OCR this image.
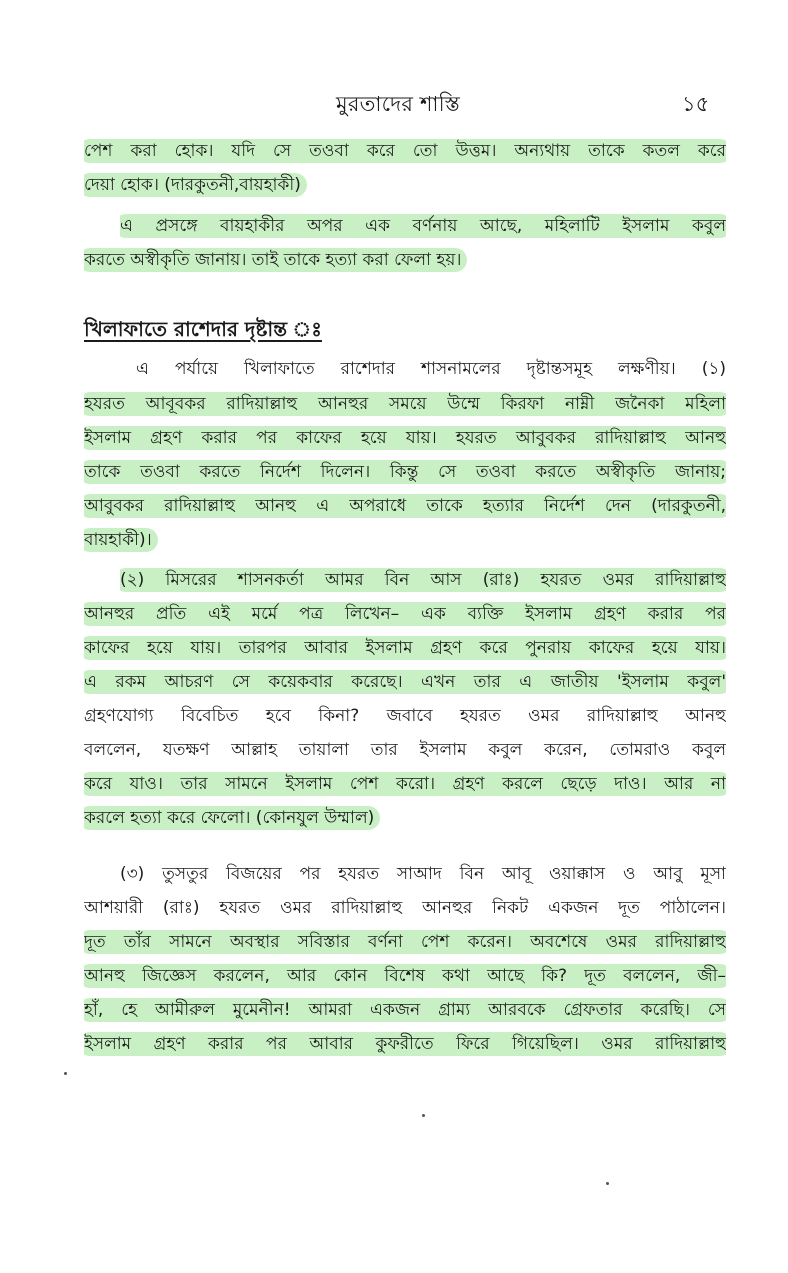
মুরতাদের শাস্তি	১৫
পেশ করা হোক। যদি সে তওবা করে তো উত্তম। অন্যথায় তাকে কতল করে
দেয়া হোক। (দারকুতনী,বায়হাকী)
এ প্রসঙ্গে বায়হাকীর অপর এক বর্ণনায় আছে, মহিলাটি ইসলাম কবুল
করতে অস্বীকৃতি জানায়। তাই তাকে হত্যা করা ফেলা হয়।
খিলাফাতে রাশেদার দৃষ্টান্ত ঃ
এ পর্যায়ে খিলাফাতে রাশেদার শাসনামলের দৃষ্টান্তসমূহ লক্ষণীয়। (১)
হযরত আবূবকর রাদিয়াল্লাহু আনহুর সময়ে উম্মে কিরফা নাম্নী জনৈকা মহিলা
ইসলাম গ্রহণ করার পর কাফের হয়ে যায়। হযরত আবুবকর রাদিয়াল্লাহু আনহু
তাকে তওবা করতে নির্দেশ দিলেন। কিন্তু সে তওবা করতে অস্বীকৃতি জানায়;
আবুবকর রাদিয়াল্লাহু আনহু এ অপরাধে তাকে হত্যার নির্দেশ দেন (দারকুতনী,
বায়হাকী)।
(২) মিসরের শাসনকর্তা আমর বিন আস (রাঃ) হযরত ওমর রাদিয়াল্লাহু
আনহুর প্রতি এই মর্মে পত্র লিখেন– এক ব্যক্তি ইসলাম গ্রহণ করার পর
কাফের হয়ে যায়। তারপর আবার ইসলাম গ্রহণ করে পুনরায় কাফের হয়ে যায়।
এ রকম আচরণ সে কয়েকবার করেছে। এখন তার এ জাতীয় 'ইসলাম কবুল'
গ্রহণযোগ্য বিবেচিত হবে কিনা? জবাবে হযরত ওমর রাদিয়াল্লাহু আনহু
বললেন, যতক্ষণ আল্লাহ তায়ালা তার ইসলাম কবুল করেন, তোমরাও কবুল
করে যাও। তার সামনে ইসলাম পেশ করো। গ্রহণ করলে ছেড়ে দাও। আর না
করলে হত্যা করে ফেলো। (কোনযুল উম্মাল)
(৩) তুসতুর বিজয়ের পর হযরত সাআদ বিন আবূ ওয়াক্কাস ও আবু মূসা
আশয়ারী (রাঃ) হযরত ওমর রাদিয়াল্লাহু আনহুর নিকট একজন দূত পাঠালেন।
দূত তাঁর সামনে অবস্থার সবিস্তার বর্ণনা পেশ করেন। অবশেষে ওমর রাদিয়াল্লাহু
আনহু জিজ্ঞেস করলেন, আর কোন বিশেষ কথা আছে কি? দূত বললেন, জী–
হাঁ, হে আমীরুল মুমেনীন! আমরা একজন গ্রাম্য আরবকে গ্রেফতার করেছি। সে
ইসলাম গ্রহণ করার পর আবার কুফরীতে ফিরে গিয়েছিল। ওমর রাদিয়াল্লাহু
